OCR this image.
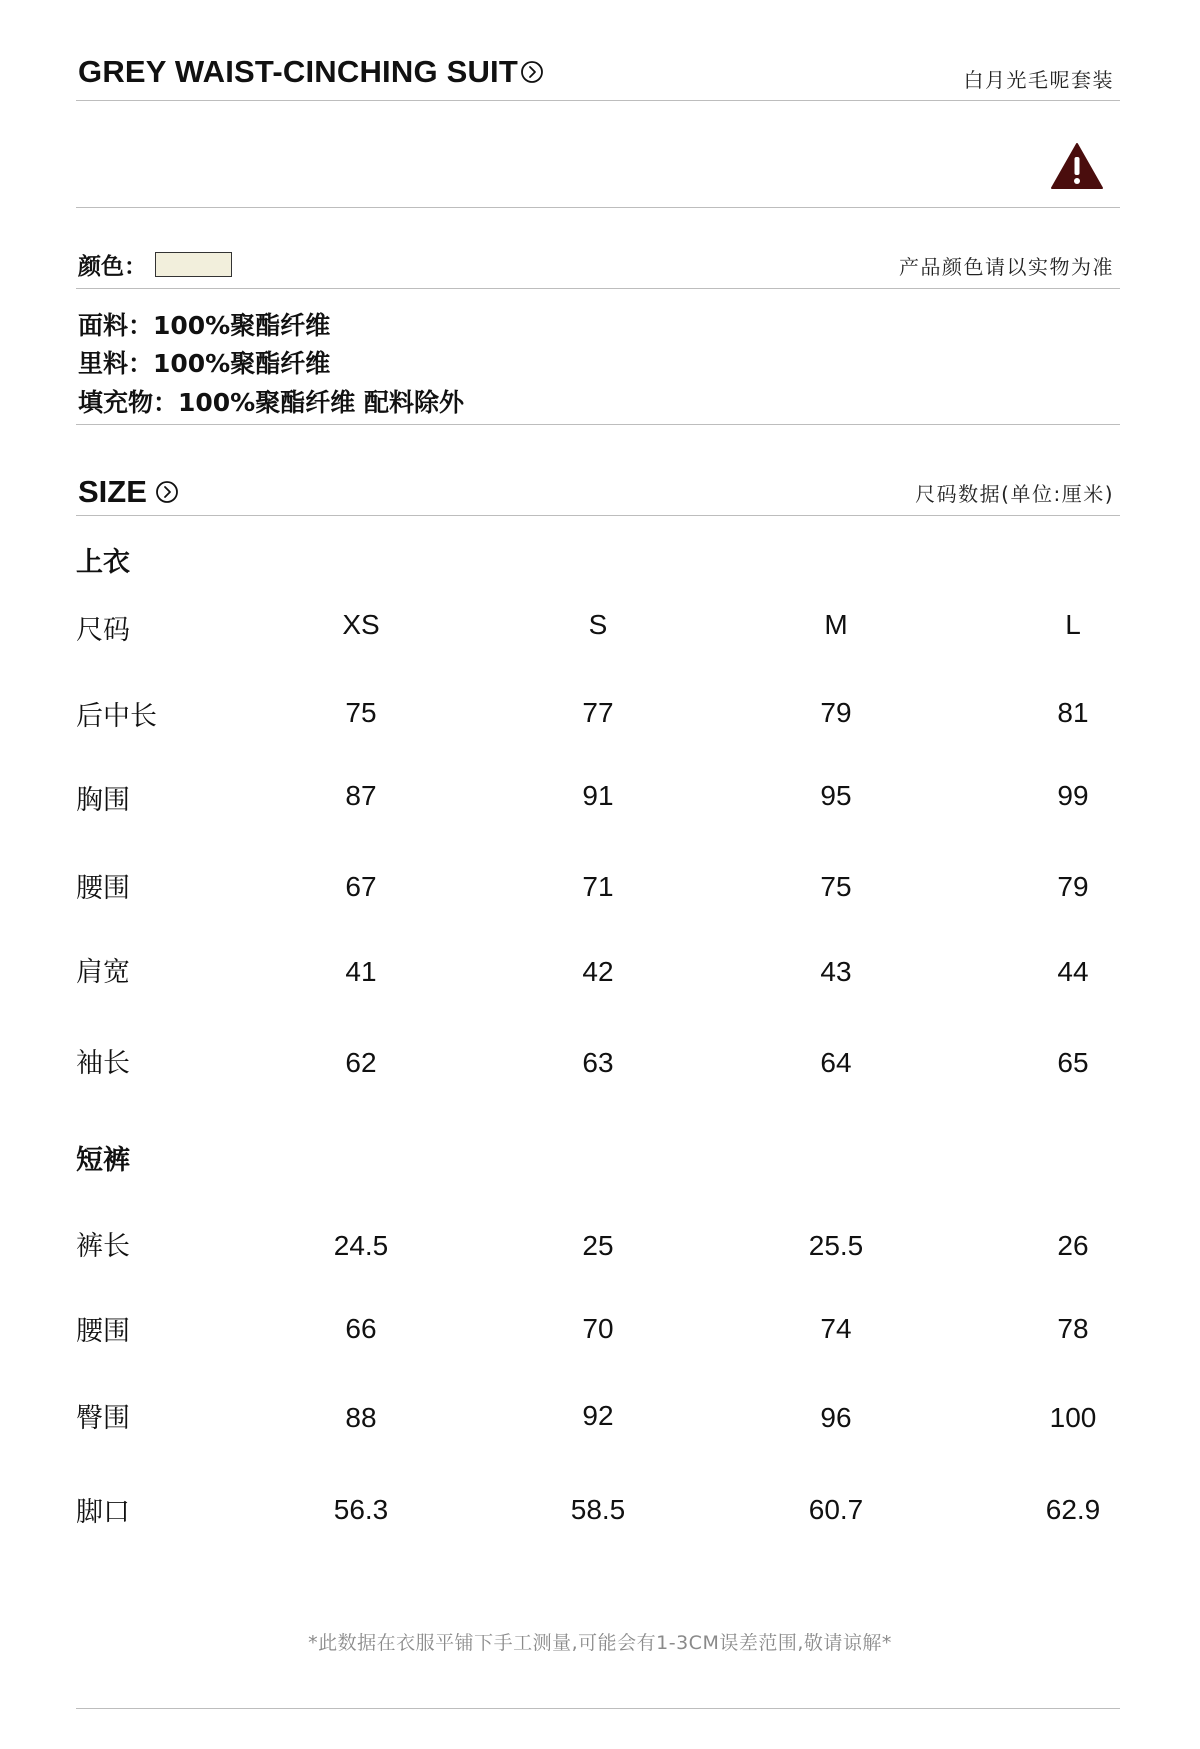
GREY WAIST-CINCHING SUIT	白月光毛呢套装
颜色：	产品颜色请以实物为准
面料：100%聚酯纤维
里料：100%聚酯纤维
填充物：100%聚酯纤维 配料除外
SIZE	尺码数据(单位:厘米)
上衣
尺码	XS	S	M	L
后中长	75	77	79	81
胸围	87	91	95	99
腰围	67	71	75	79
肩宽	41	42	43	44
袖长	62	63	64	65
短裤
裤长	24.5	25	25.5	26
腰围	66	70	74	78
臀围	88	92	96	100
脚口	56.3	58.5	60.7	62.9
*此数据在衣服平铺下手工测量,可能会有1-3CM误差范围,敬请谅解*
